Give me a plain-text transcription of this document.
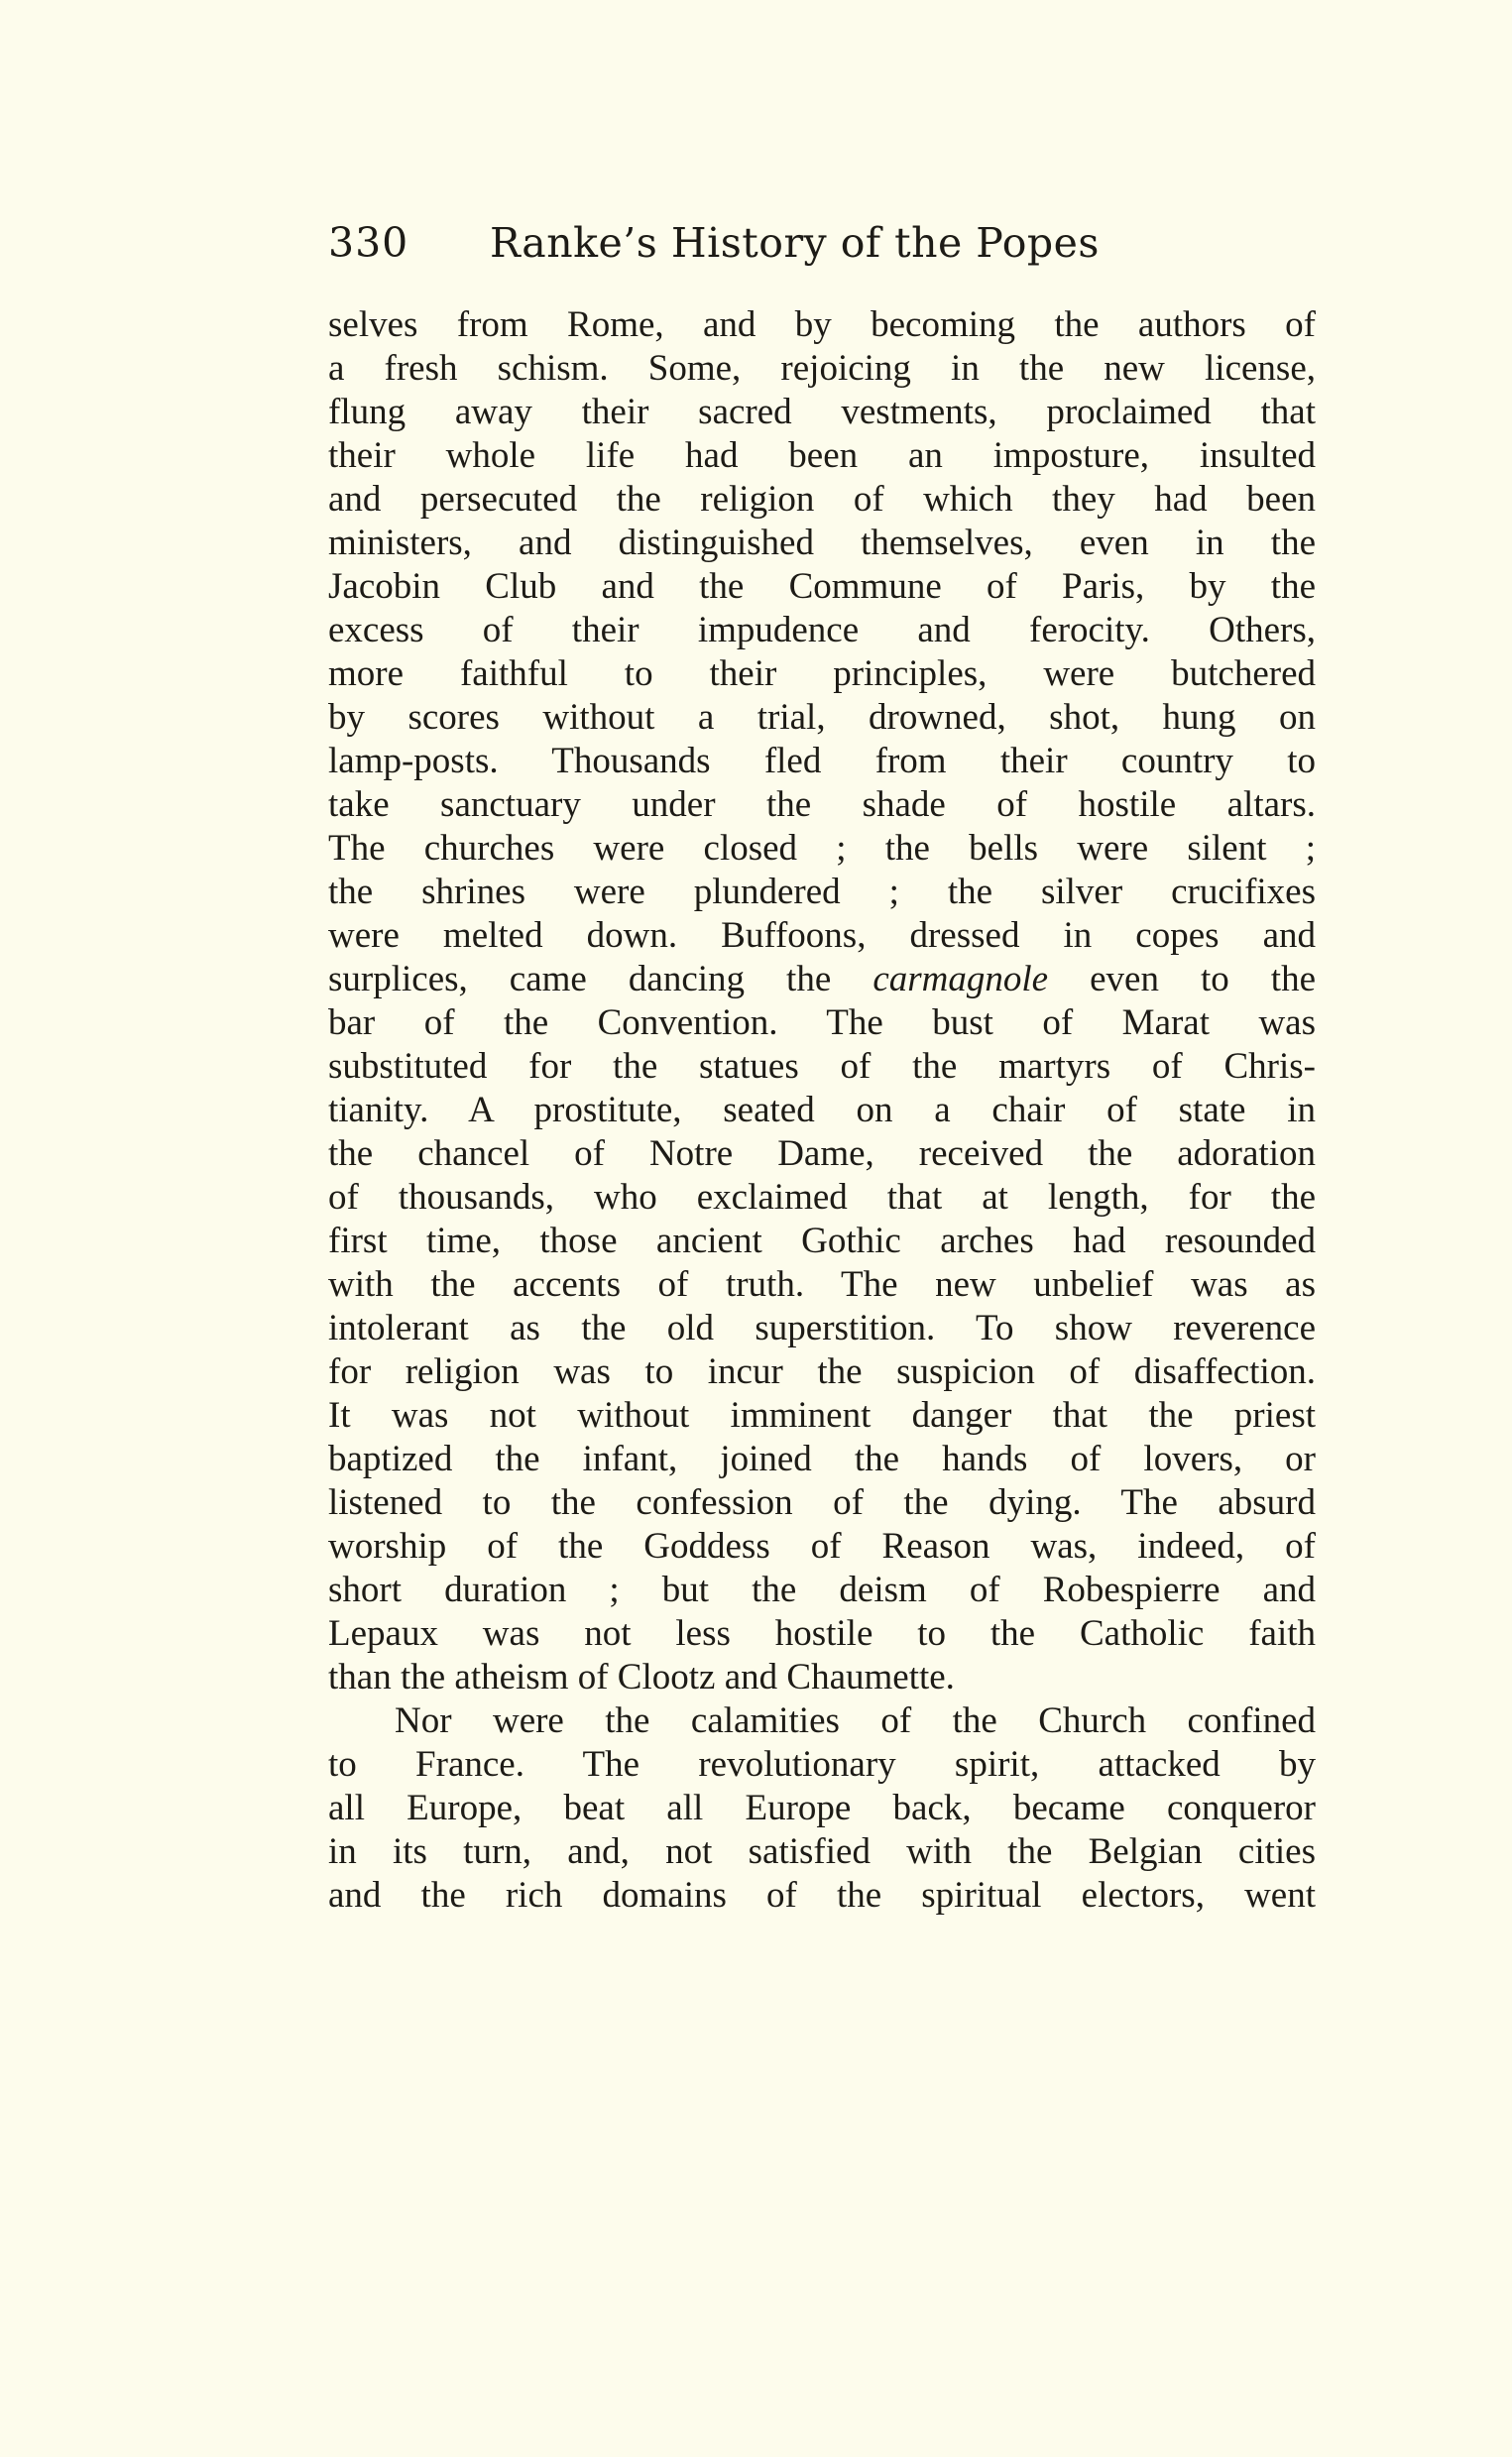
330 Ranke’s History of the Popes
selves from Rome, and by becoming the authors of
a fresh schism. Some, rejoicing in the new license,
flung away their sacred vestments, proclaimed that
their whole life had been an imposture, insulted
and persecuted the religion of which they had been
ministers, and distinguished themselves, even in the
Jacobin Club and the Commune of Paris, by the
excess of their impudence and ferocity. Others,
more faithful to their principles, were butchered
by scores without a trial, drowned, shot, hung on
lamp-posts. Thousands fled from their country to
take sanctuary under the shade of hostile altars.
The churches were closed ; the bells were silent ;
the shrines were plundered ; the silver crucifixes
were melted down. Buffoons, dressed in copes and
surplices, came dancing the carmagnole even to the
bar of the Convention. The bust of Marat was
substituted for the statues of the martyrs of Chris-
tianity. A prostitute, seated on a chair of state in
the chancel of Notre Dame, received the adoration
of thousands, who exclaimed that at length, for the
first time, those ancient Gothic arches had resounded
with the accents of truth. The new unbelief was as
intolerant as the old superstition. To show reverence
for religion was to incur the suspicion of disaffection.
It was not without imminent danger that the priest
baptized the infant, joined the hands of lovers, or
listened to the confession of the dying. The absurd
worship of the Goddess of Reason was, indeed, of
short duration ; but the deism of Robespierre and
Lepaux was not less hostile to the Catholic faith
than the atheism of Clootz and Chaumette.
Nor were the calamities of the Church confined
to France. The revolutionary spirit, attacked by
all Europe, beat all Europe back, became conqueror
in its turn, and, not satisfied with the Belgian cities
and the rich domains of the spiritual electors, went
